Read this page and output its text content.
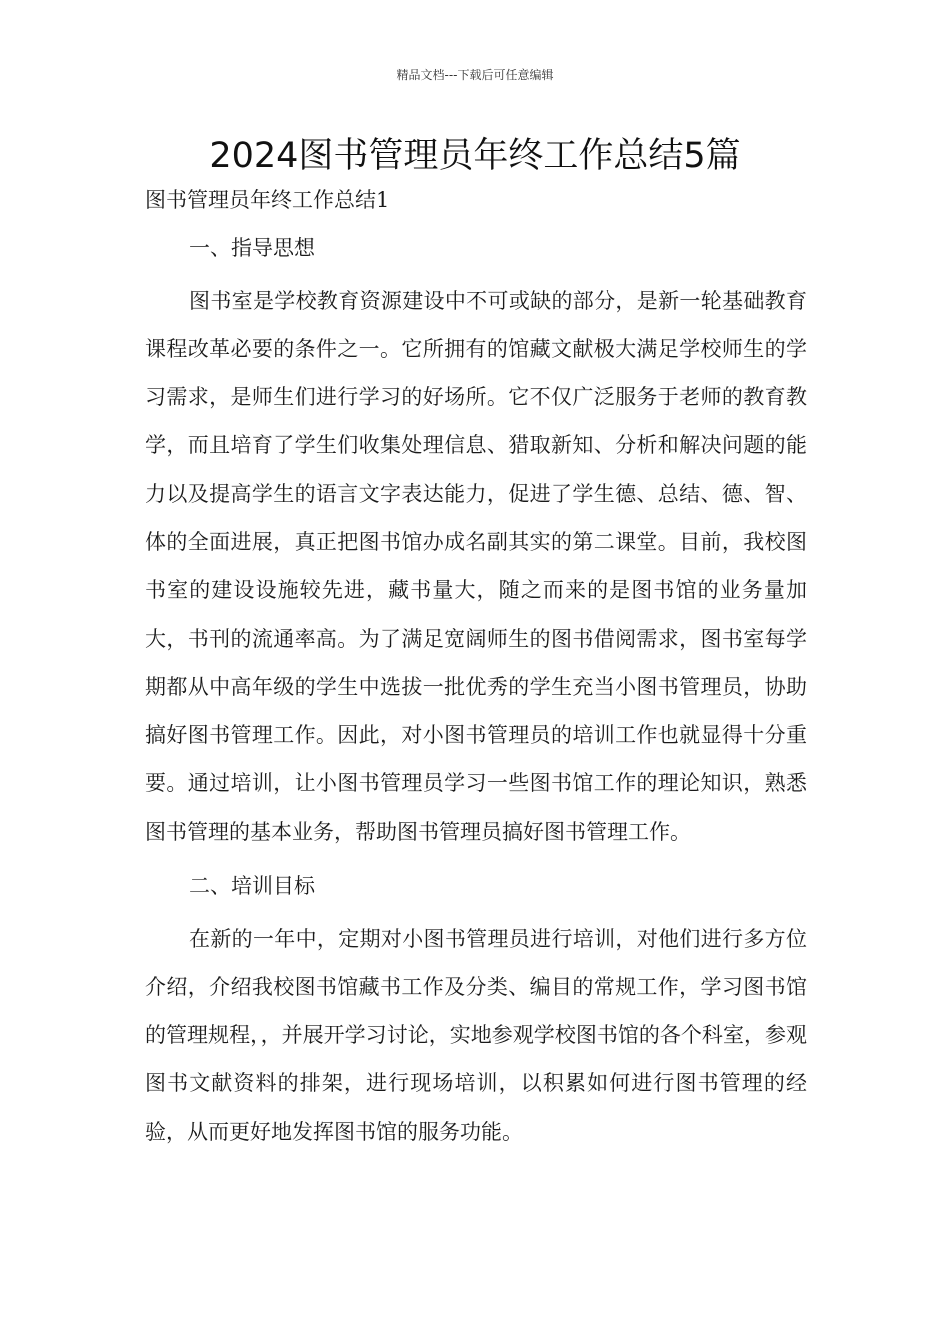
精品文档---下载后可任意编辑
2024图书管理员年终工作总结5篇

图书管理员年终工作总结1

一、指导思想

图书室是学校教育资源建设中不可或缺的部分，是新一轮基础教育课程改革必要的条件之一。它所拥有的馆藏文献极大满足学校师生的学习需求，是师生们进行学习的好场所。它不仅广泛服务于老师的教育教学，而且培育了学生们收集处理信息、猎取新知、分析和解决问题的能力以及提高学生的语言文字表达能力，促进了学生德、总结、德、智、体的全面进展，真正把图书馆办成名副其实的第二课堂。目前，我校图书室的建设设施较先进，藏书量大，随之而来的是图书馆的业务量加大，书刊的流通率高。为了满足宽阔师生的图书借阅需求，图书室每学期都从中高年级的学生中选拔一批优秀的学生充当小图书管理员，协助搞好图书管理工作。因此，对小图书管理员的培训工作也就显得十分重要。通过培训，让小图书管理员学习一些图书馆工作的理论知识，熟悉图书管理的基本业务，帮助图书管理员搞好图书管理工作。

二、培训目标

在新的一年中，定期对小图书管理员进行培训，对他们进行多方位介绍，介绍我校图书馆藏书工作及分类、编目的常规工作，学习图书馆的管理规程，，并展开学习讨论，实地参观学校图书馆的各个科室，参观图书文献资料的排架，进行现场培训，以积累如何进行图书管理的经验，从而更好地发挥图书馆的服务功能。
